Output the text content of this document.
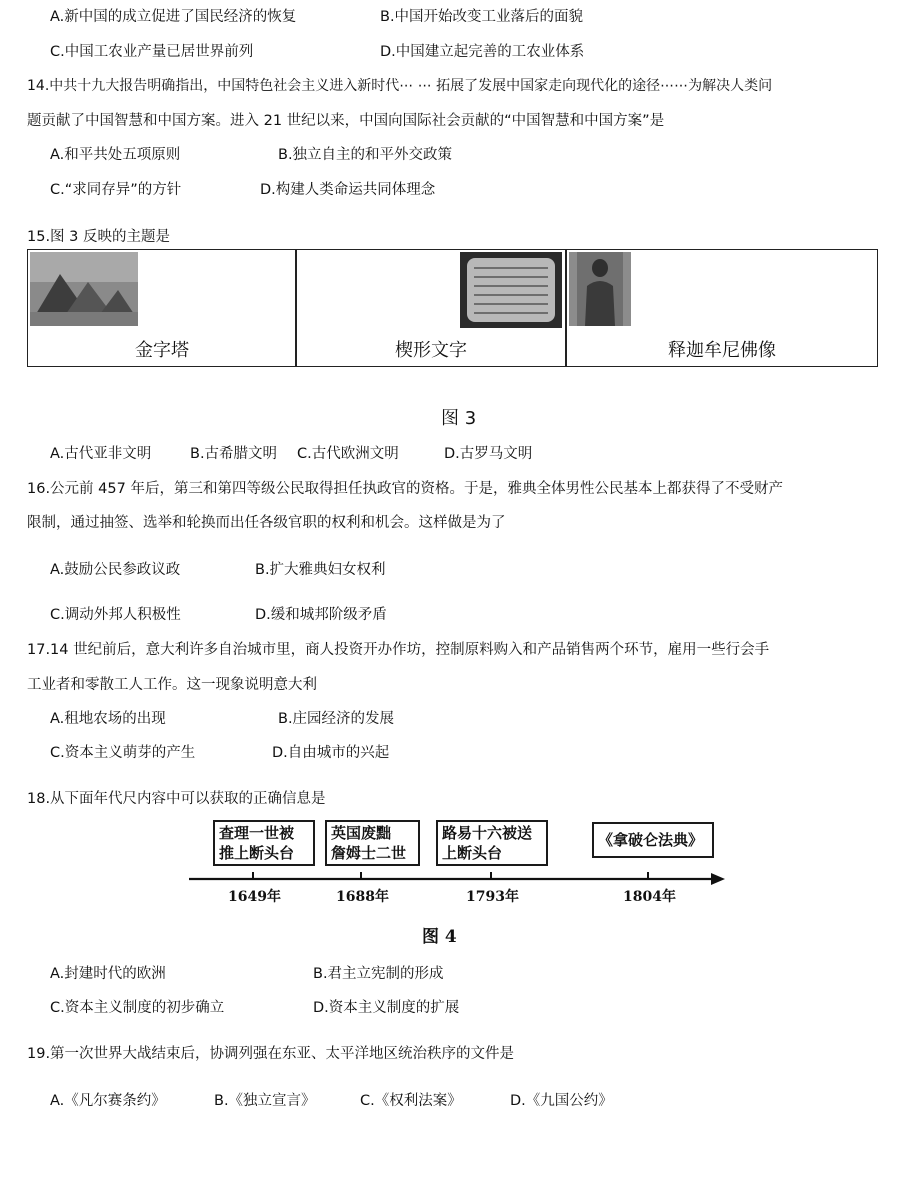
A.新中国的成立促进了国民经济的恢复	B.中国开始改变工业落后的面貌
C.中国工农业产量已居世界前列	D.中国建立起完善的工农业体系
14.中共十九大报告明确指出，中国特色社会主义进入新时代⋯ ⋯ 拓展了发展中国家走向现代化的途径⋯⋯为解决人类问
题贡献了中国智慧和中国方案。进入 21 世纪以来，中国向国际社会贡献的“中国智慧和中国方案”是
A.和平共处五项原则	B.独立自主的和平外交政策
C.“求同存异”的方针	D.构建人类命运共同体理念
15.图 3 反映的主题是
金字塔	楔形文字	释迦牟尼佛像
图 3
A.古代亚非文明	B.古希腊文明 C.古代欧洲文明	D.古罗马文明
16.公元前 457 年后，第三和第四等级公民取得担任执政官的资格。于是，雅典全体男性公民基本上都获得了不受财产
限制，通过抽签、选举和轮换而出任各级官职的权利和机会。这样做是为了
A.鼓励公民参政议政	B.扩大雅典妇女权利
C.调动外邦人积极性	D.缓和城邦阶级矛盾
17.14 世纪前后，意大利许多自治城市里，商人投资开办作坊，控制原料购入和产品销售两个环节，雇用一些行会手
工业者和零散工人工作。这一现象说明意大利
A.租地农场的出现	B.庄园经济的发展
C.资本主义萌芽的产生	D.自由城市的兴起
18.从下面年代尺内容中可以获取的正确信息是
查理一世被
推上断头台
英国废黜
詹姆士二世
路易十六被送
上断头台
《拿破仑法典》
1649年	1688年	1793年	1804年
图 4
A.封建时代的欧洲	B.君主立宪制的形成
C.资本主义制度的初步确立	D.资本主义制度的扩展
19.第一次世界大战结束后，协调列强在东亚、太平洋地区统治秩序的文件是
A.《凡尔赛条约》	B.《独立宣言》	C.《权利法案》	D.《九国公约》
